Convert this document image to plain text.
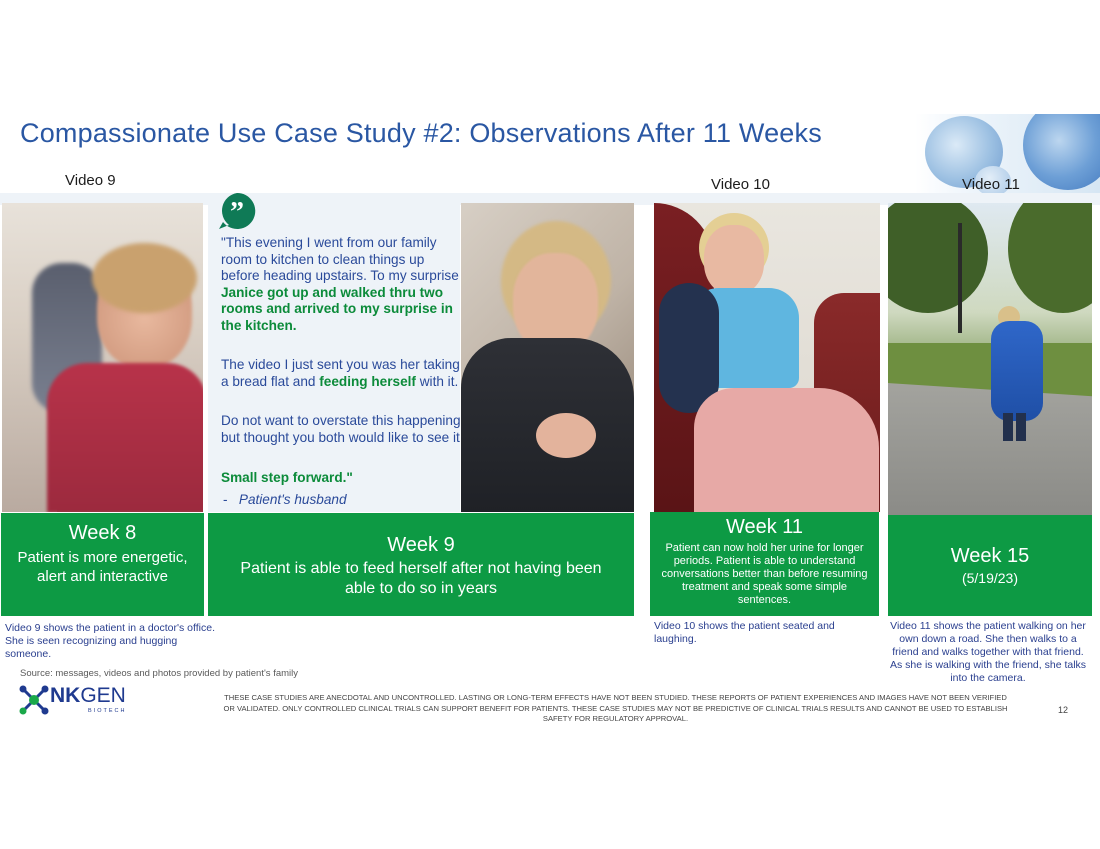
Compassionate Use Case Study #2: Observations After 11 Weeks
Video 9	Video 10	Video 11
”
"This evening I went from our family room to kitchen to clean things up before heading upstairs. To my surprise Janice got up and walked thru two rooms and arrived to my surprise in the kitchen.
The video I just sent you was her taking a bread flat and feeding herself with it.
Do not want to overstate this happening but thought you both would like to see it
Small step forward."
- Patient's husband
Week 8
Patient is more energetic, alert and interactive
Week 9
Patient is able to feed herself after not having been able to do so in years
Week 11
Patient can now hold her urine for longer periods. Patient is able to understand conversations better than before resuming treatment and speak some simple sentences.
Week 15
(5/19/23)
Video 9 shows the patient in a doctor's office. She is seen recognizing and hugging someone.
Video 10 shows the patient seated and laughing.
Video 11 shows the patient walking on her own down a road. She then walks to a friend and walks together with that friend. As she is walking with the friend, she talks into the camera.
Source: messages, videos and photos provided by patient's family
NKGEN
BIOTECH
THESE CASE STUDIES ARE ANECDOTAL AND UNCONTROLLED. LASTING OR LONG-TERM EFFECTS HAVE NOT BEEN STUDIED. THESE REPORTS OF PATIENT EXPERIENCES AND IMAGES HAVE NOT BEEN VERIFIED OR VALIDATED. ONLY CONTROLLED CLINICAL TRIALS CAN SUPPORT BENEFIT FOR PATIENTS. THESE CASE STUDIES MAY NOT BE PREDICTIVE OF CLINICAL TRIALS RESULTS AND CANNOT BE USED TO ESTABLISH SAFETY FOR REGULATORY APPROVAL.
12
